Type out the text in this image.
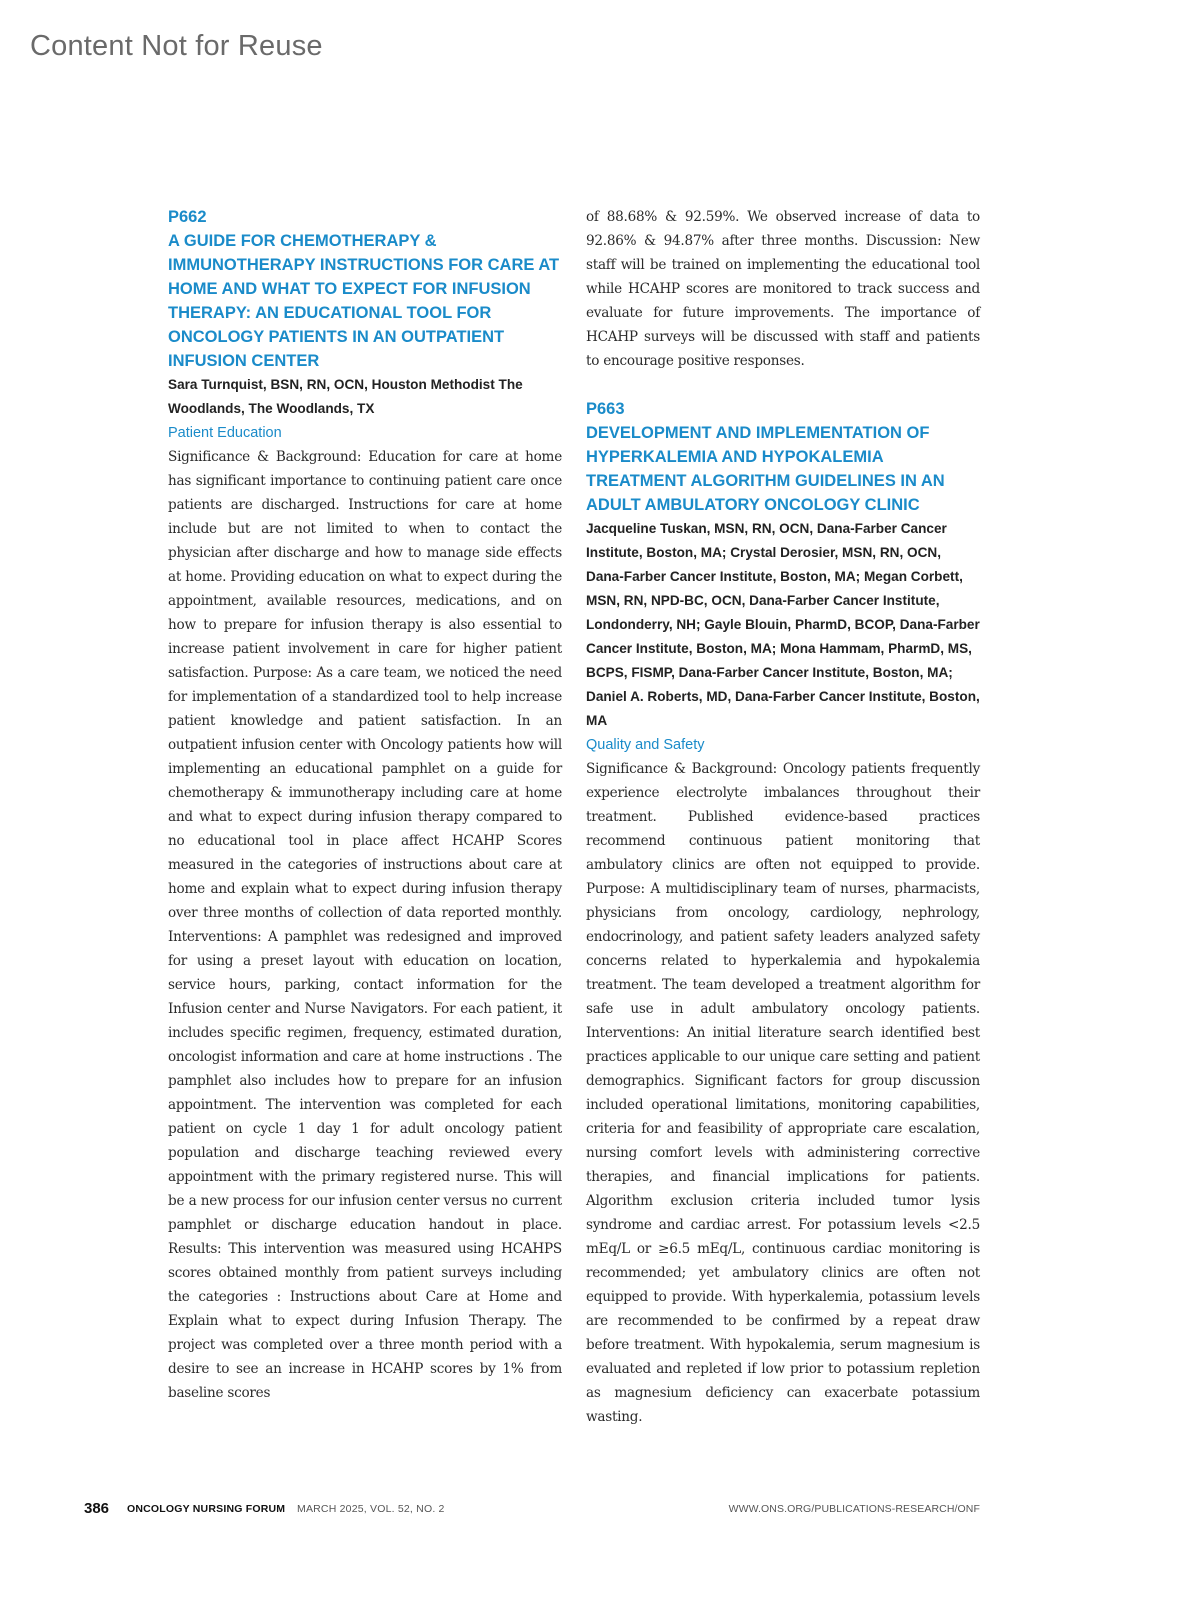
Content Not for Reuse
P662
A GUIDE FOR CHEMOTHERAPY & IMMUNOTHERAPY INSTRUCTIONS FOR CARE AT HOME AND WHAT TO EXPECT FOR INFUSION THERAPY: AN EDUCATIONAL TOOL FOR ONCOLOGY PATIENTS IN AN OUTPATIENT INFUSION CENTER
Sara Turnquist, BSN, RN, OCN, Houston Methodist The Woodlands, The Woodlands, TX
Patient Education
Significance & Background: Education for care at home has significant importance to continuing patient care once patients are discharged. Instructions for care at home include but are not limited to when to contact the physician after discharge and how to manage side effects at home. Providing education on what to expect during the appointment, available resources, medications, and on how to prepare for infusion therapy is also essential to increase patient involvement in care for higher patient satisfaction. Purpose: As a care team, we noticed the need for implementation of a standardized tool to help increase patient knowledge and patient satisfaction. In an outpatient infusion center with Oncology patients how will implementing an educational pamphlet on a guide for chemotherapy & immunotherapy including care at home and what to expect during infusion therapy compared to no educational tool in place affect HCAHP Scores measured in the categories of instructions about care at home and explain what to expect during infusion therapy over three months of collection of data reported monthly. Interventions: A pamphlet was redesigned and improved for using a preset layout with education on location, service hours, parking, contact information for the Infusion center and Nurse Navigators. For each patient, it includes specific regimen, frequency, estimated duration, oncologist information and care at home instructions . The pamphlet also includes how to prepare for an infusion appointment. The intervention was completed for each patient on cycle 1 day 1 for adult oncology patient population and discharge teaching reviewed every appointment with the primary registered nurse. This will be a new process for our infusion center versus no current pamphlet or discharge education handout in place. Results: This intervention was measured using HCAHPS scores obtained monthly from patient surveys including the categories : Instructions about Care at Home and Explain what to expect during Infusion Therapy. The project was completed over a three month period with a desire to see an increase in HCAHP scores by 1% from baseline scores
of 88.68% & 92.59%. We observed increase of data to 92.86% & 94.87% after three months. Discussion: New staff will be trained on implementing the educational tool while HCAHP scores are monitored to track success and evaluate for future improvements. The importance of HCAHP surveys will be discussed with staff and patients to encourage positive responses.
P663
DEVELOPMENT AND IMPLEMENTATION OF HYPERKALEMIA AND HYPOKALEMIA TREATMENT ALGORITHM GUIDELINES IN AN ADULT AMBULATORY ONCOLOGY CLINIC
Jacqueline Tuskan, MSN, RN, OCN, Dana-Farber Cancer Institute, Boston, MA; Crystal Derosier, MSN, RN, OCN, Dana-Farber Cancer Institute, Boston, MA; Megan Corbett, MSN, RN, NPD-BC, OCN, Dana-Farber Cancer Institute, Londonderry, NH; Gayle Blouin, PharmD, BCOP, Dana-Farber Cancer Institute, Boston, MA; Mona Hammam, PharmD, MS, BCPS, FISMP, Dana-Farber Cancer Institute, Boston, MA; Daniel A. Roberts, MD, Dana-Farber Cancer Institute, Boston, MA
Quality and Safety
Significance & Background: Oncology patients frequently experience electrolyte imbalances throughout their treatment. Published evidence-based practices recommend continuous patient monitoring that ambulatory clinics are often not equipped to provide. Purpose: A multidisciplinary team of nurses, pharmacists, physicians from oncology, cardiology, nephrology, endocrinology, and patient safety leaders analyzed safety concerns related to hyperkalemia and hypokalemia treatment. The team developed a treatment algorithm for safe use in adult ambulatory oncology patients. Interventions: An initial literature search identified best practices applicable to our unique care setting and patient demographics. Significant factors for group discussion included operational limitations, monitoring capabilities, criteria for and feasibility of appropriate care escalation, nursing comfort levels with administering corrective therapies, and financial implications for patients. Algorithm exclusion criteria included tumor lysis syndrome and cardiac arrest. For potassium levels <2.5 mEq/L or ≥6.5 mEq/L, continuous cardiac monitoring is recommended; yet ambulatory clinics are often not equipped to provide. With hyperkalemia, potassium levels are recommended to be confirmed by a repeat draw before treatment. With hypokalemia, serum magnesium is evaluated and repleted if low prior to potassium repletion as magnesium deficiency can exacerbate potassium wasting.
386 ONCOLOGY NURSING FORUM MARCH 2025, VOL. 52, NO. 2	WWW.ONS.ORG/PUBLICATIONS-RESEARCH/ONF
